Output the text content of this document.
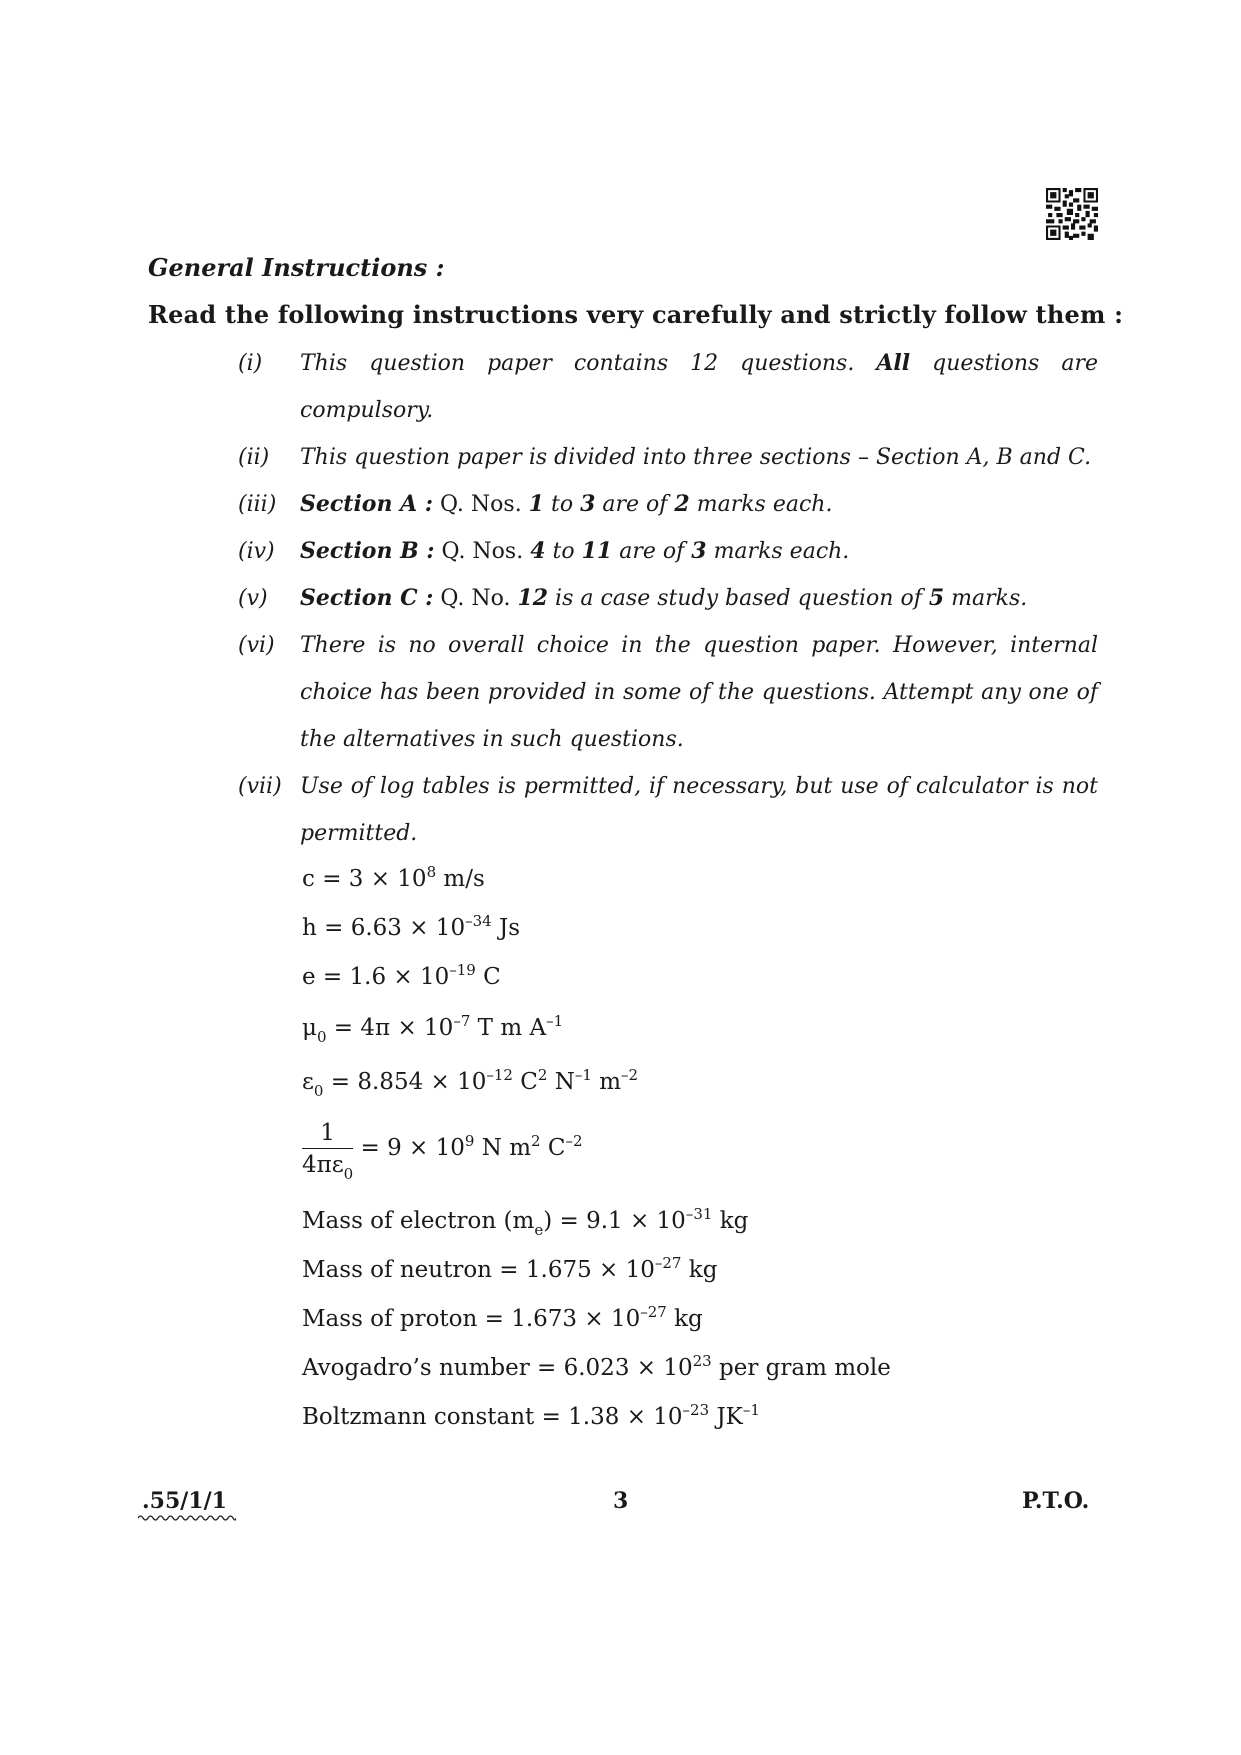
General Instructions :
Read the following instructions very carefully and strictly follow them :
(i)	This question paper contains 12 questions. All questions are compulsory.
(ii)	This question paper is divided into three sections – Section A, B and C.
(iii)	Section A : Q. Nos. 1 to 3 are of 2 marks each.
(iv)	Section B : Q. Nos. 4 to 11 are of 3 marks each.
(v)	Section C : Q. No. 12 is a case study based question of 5 marks.
(vi)	There is no overall choice in the question paper. However, internal choice has been provided in some of the questions. Attempt any one of the alternatives in such questions.
(vii) Use of log tables is permitted, if necessary, but use of calculator is not permitted.
$c = 3 \times 10^8$ m/s
$h = 6.63 \times 10^{-34}$ Js
$e = 1.6 \times 10^{-19}$ C
$\mu_0 = 4\pi \times 10^{-7}$ T m $A^{-1}$
$\varepsilon_0 = 8.854 \times 10^{-12}$ $C^2$ $N^{-1}$ $m^{-2}$
$\frac{1}{4\pi\varepsilon_0} = 9 \times 10^9$ N $m^2$ $C^{-2}$
Mass of electron $(m_e) = 9.1 \times 10^{-31}$ kg
Mass of neutron = $1.675 \times 10^{-27}$ kg
Mass of proton = $1.673 \times 10^{-27}$ kg
Avogadro’s number = $6.023 \times 10^{23}$ per gram mole
Boltzmann constant = $1.38 \times 10^{-23}$ $JK^{-1}$
.55/1/1	3	P.T.O.
